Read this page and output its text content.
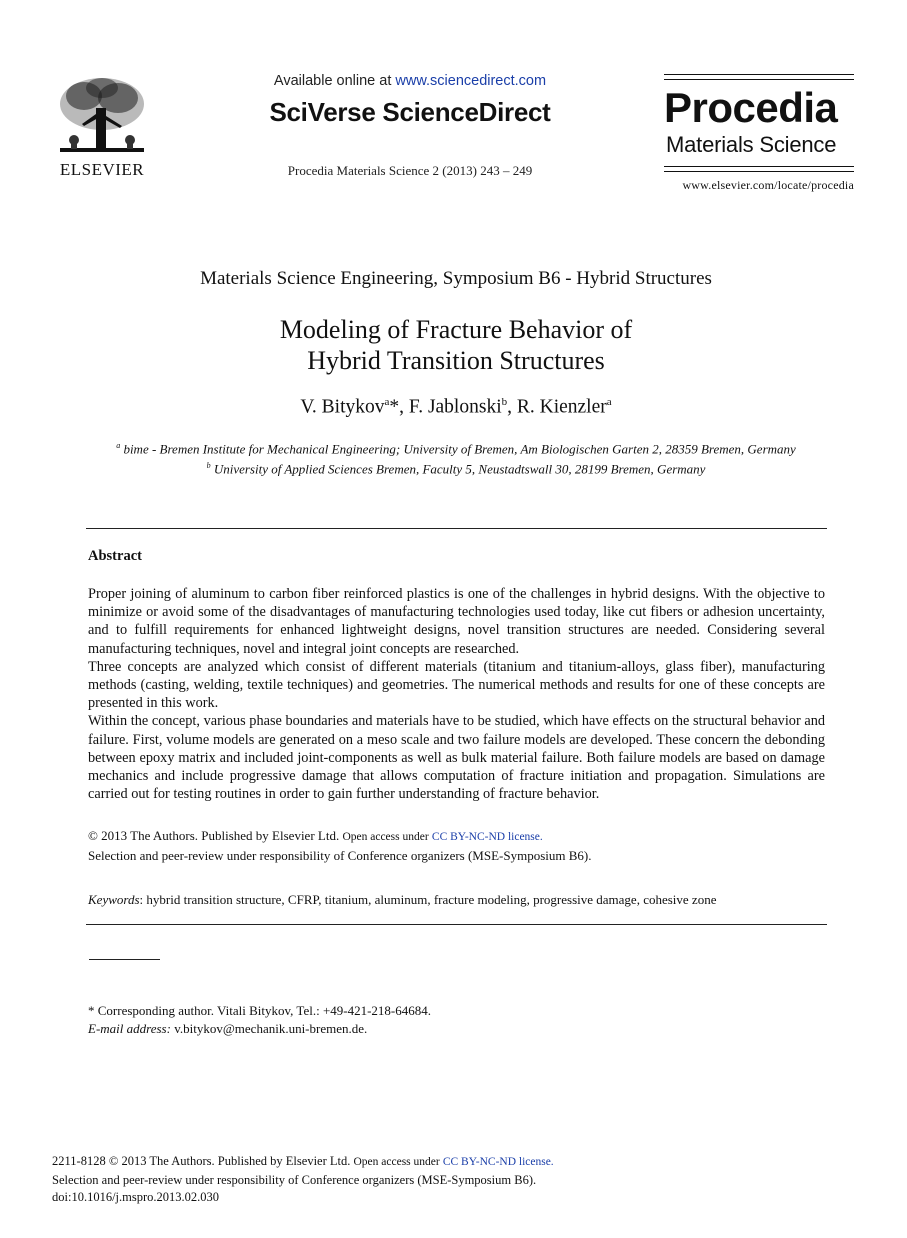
ELSEVIER
Available online at www.sciencedirect.com
SciVerse ScienceDirect
Procedia Materials Science 2 (2013) 243 – 249
Procedia
Materials Science
www.elsevier.com/locate/procedia
Materials Science Engineering, Symposium B6 - Hybrid Structures
Modeling of Fracture Behavior of
Hybrid Transition Structures
V. Bitykov$^a$*, F. Jablonski$^b$, R. Kienzler$^a$
$^a$ bime - Bremen Institute for Mechanical Engineering; University of Bremen, Am Biologischen Garten 2, 28359 Bremen, Germany
$^b$ University of Applied Sciences Bremen, Faculty 5, Neustadtswall 30, 28199 Bremen, Germany
Abstract

Proper joining of aluminum to carbon fiber reinforced plastics is one of the challenges in hybrid designs. With the objective to minimize or avoid some of the disadvantages of manufacturing technologies used today, like cut fibers or adhesion uncertainty, and to fulfill requirements for enhanced lightweight designs, novel transition structures are needed. Considering several manufacturing techniques, novel and integral joint concepts are researched.

Three concepts are analyzed which consist of different materials (titanium and titanium-alloys, glass fiber), manufacturing methods (casting, welding, textile techniques) and geometries. The numerical methods and results for one of these concepts are presented in this work.

Within the concept, various phase boundaries and materials have to be studied, which have effects on the structural behavior and failure. First, volume models are generated on a meso scale and two failure models are developed. These concern the debonding between epoxy matrix and included joint-components as well as bulk material failure. Both failure models are based on damage mechanics and include progressive damage that allows computation of fracture initiation and propagation. Simulations are carried out for testing routines in order to gain further understanding of fracture behavior.

© 2013 The Authors. Published by Elsevier Ltd. Open access under CC BY-NC-ND license.
Selection and peer-review under responsibility of Conference organizers (MSE-Symposium B6).
Keywords: hybrid transition structure, CFRP, titanium, aluminum, fracture modeling, progressive damage, cohesive zone
* Corresponding author. Vitali Bitykov, Tel.: +49-421-218-64684.
E-mail address: v.bitykov@mechanik.uni-bremen.de.
2211-8128 © 2013 The Authors. Published by Elsevier Ltd. Open access under CC BY-NC-ND license.
Selection and peer-review under responsibility of Conference organizers (MSE-Symposium B6).
doi:10.1016/j.mspro.2013.02.030
